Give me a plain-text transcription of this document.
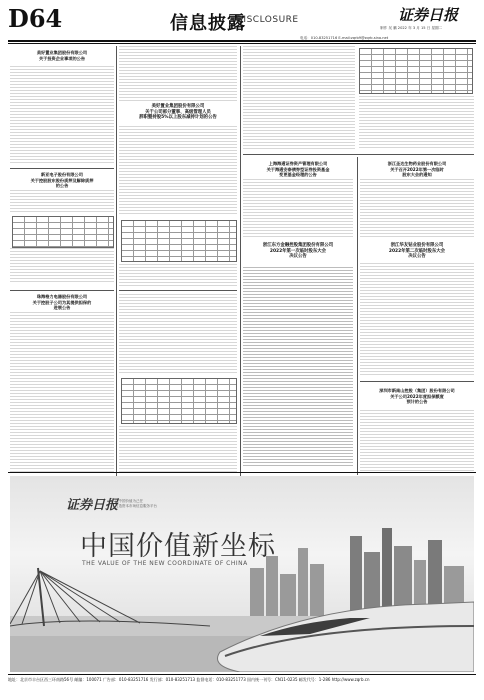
D64	信息披露
DISCLOSURE	证券日报
制作 吴 鹏 2022 年 3 月 15 日 星期二
电话：010-83251716 E-mail:zqrb9@zqrb.sina.net
美好置业集团股份有限公司
关于投资企业事项的公告
新亚电子股份有限公司
关于控股股东股份质押及解除质押
的公告
珠海格力电器股份有限公司
关于控股子公司为其提供担保的
进展公告
美好置业集团股份有限公司
关于公司部分董事、高级管理人员
辞职暨持股5%以上股东减持计划的公告
上海海通证券资产管理有限公司
关于海通安泰债券型证券投资基金
变更基金经理的公告
浙江东方金融控股集团股份有限公司
2022年第一次临时股东大会
决议公告
浙江圣达生物药业股份有限公司
关于召开2022年第一次临时
股东大会的通知
浙江华友钴业股份有限公司
2022年第二次临时股东大会
决议公告
深圳市新南山控股（集团）股份有限公司
关于公司2022年度担保额度
预计的公告
证券日报
以中国价值为己任
打造资本市场信息服务平台
中国价值新坐标
THE VALUE OF THE NEW COORDINATE OF CHINA
地址：北京市丰台区西三环南路56号 邮编：100071 广告部：010-83251716 发行部：010-83251713 监督电话：010-83251773 国内统一刊号：CN11-0235 邮发代号：1-286 http://www.zqrb.cn
